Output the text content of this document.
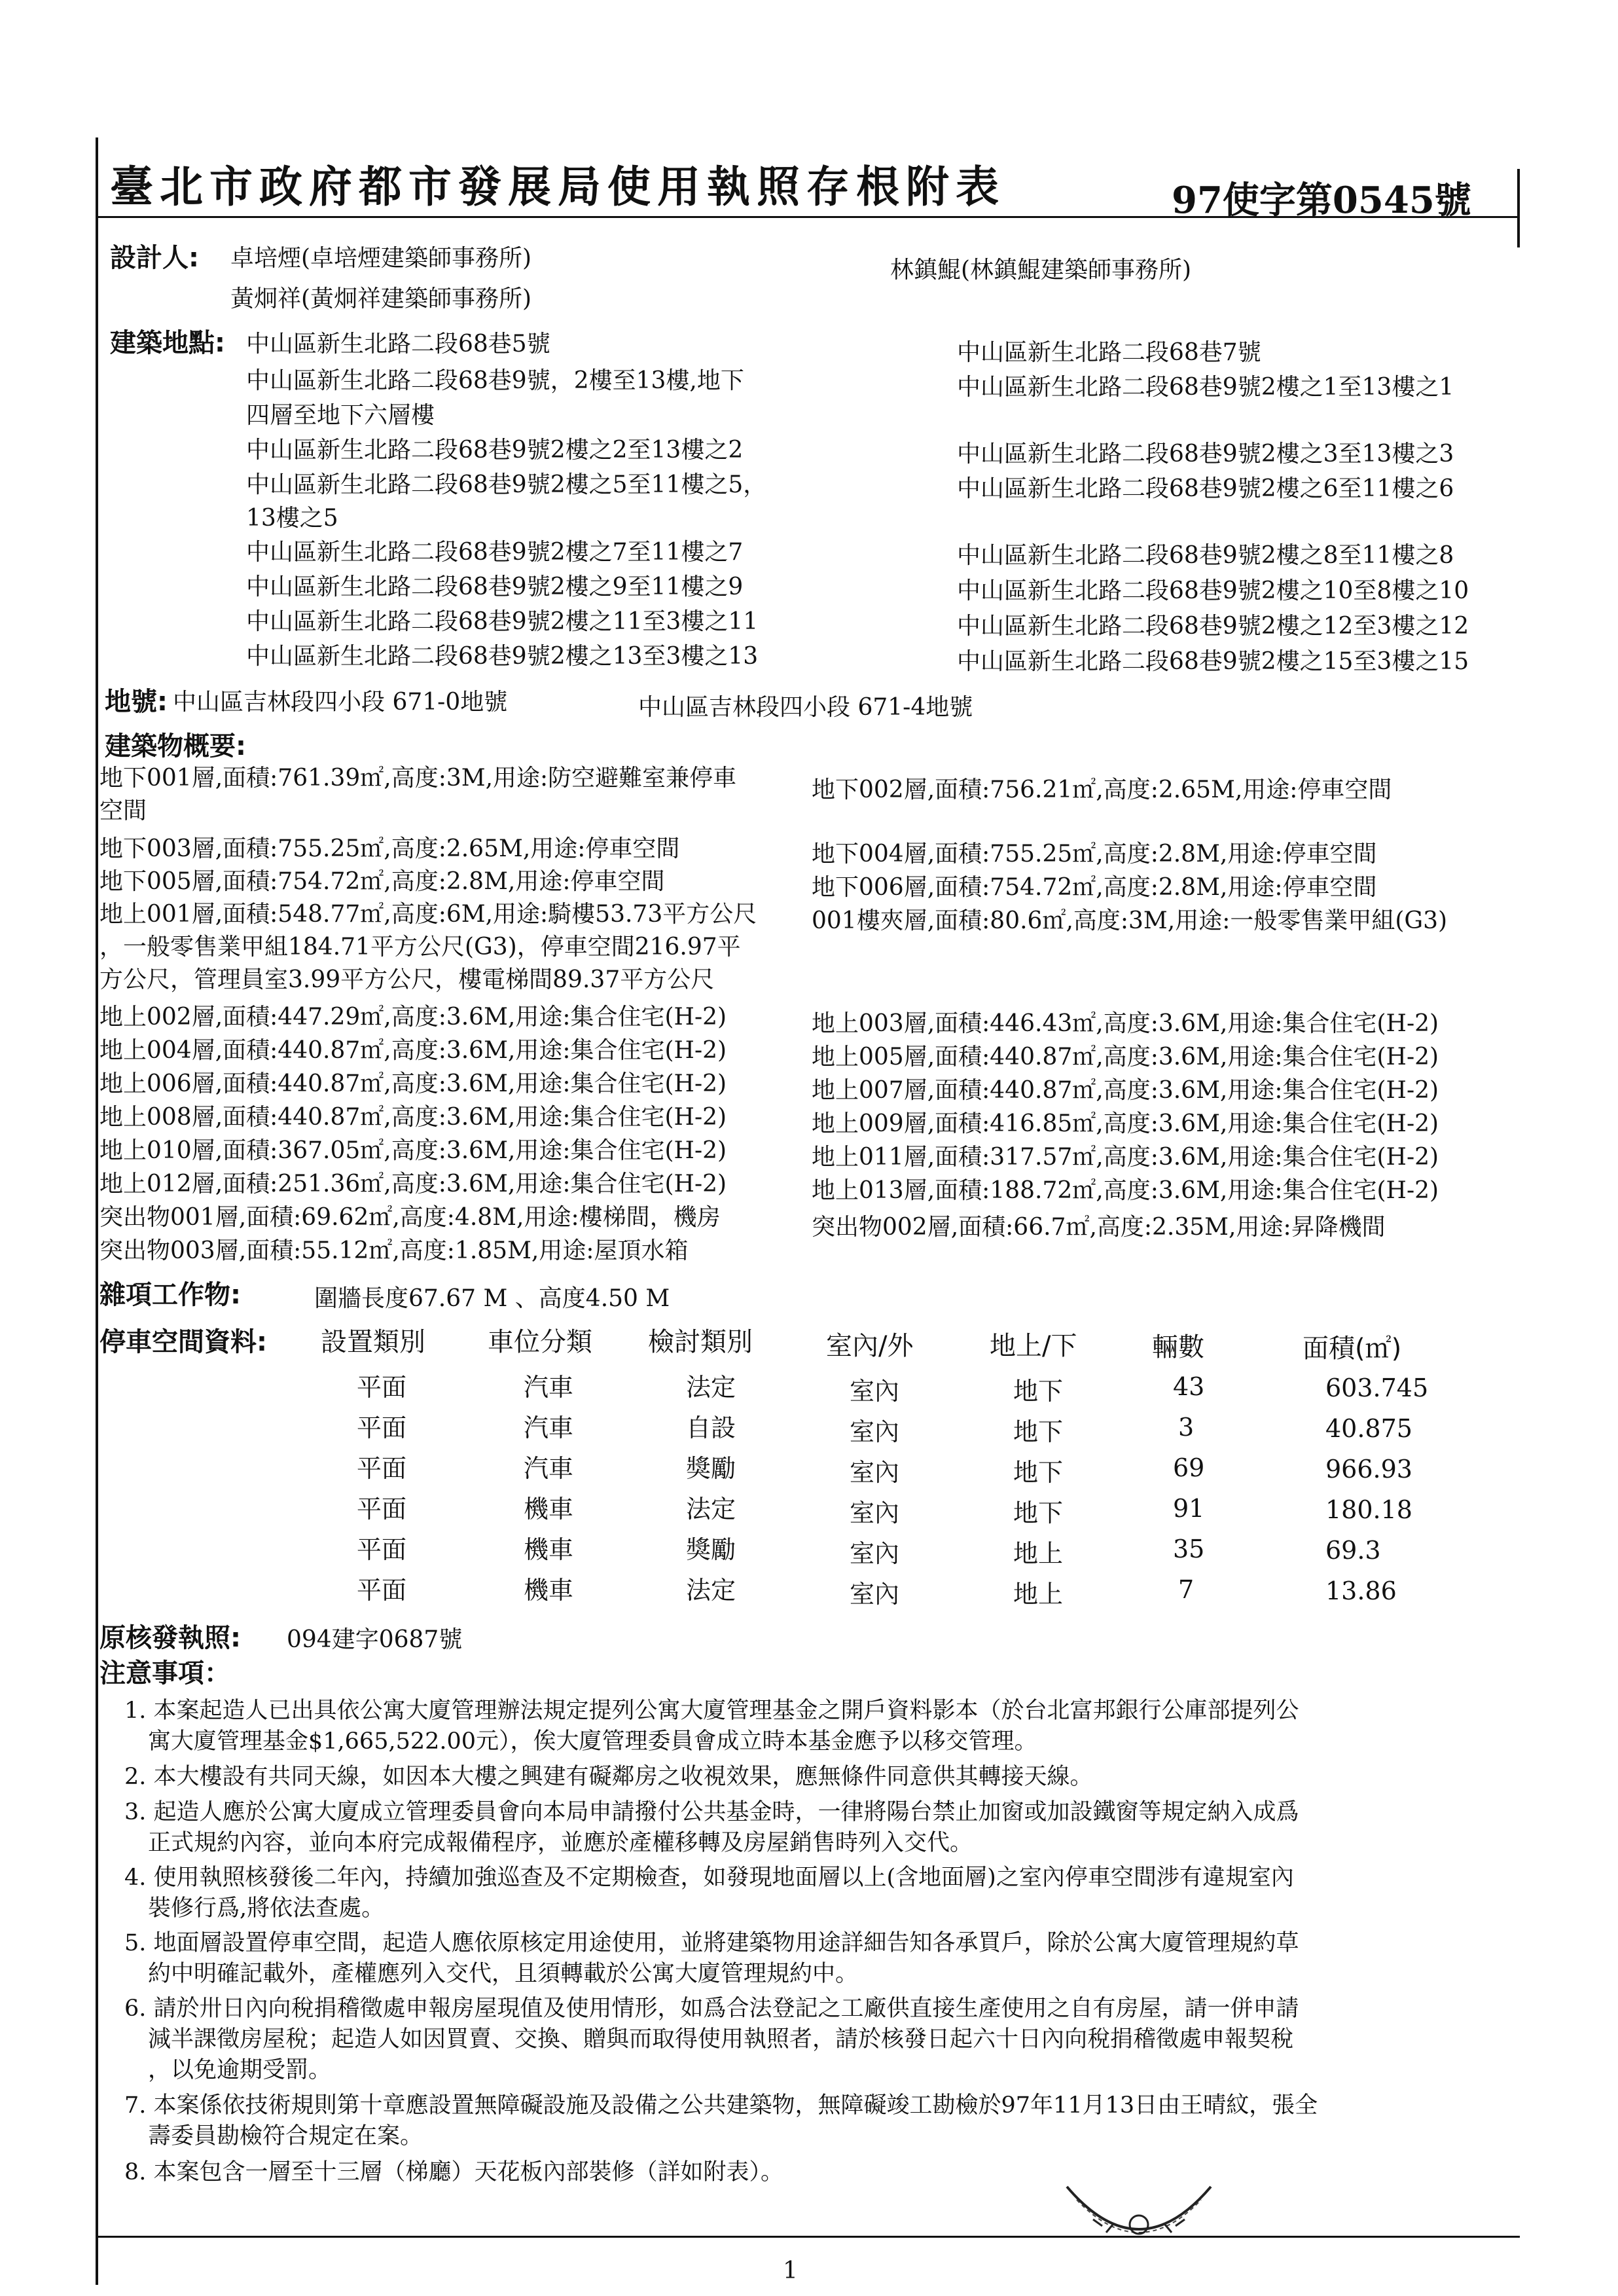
臺北市政府都市發展局使用執照存根附表	97使字第0545號
設計人: 卓培煙(卓培煙建築師事務所)
黃炯祥(黃炯祥建築師事務所)
林鎮鯤(林鎮鯤建築師事務所)
建築地點: 中山區新生北路二段68巷5號
中山區新生北路二段68巷9號，2樓至13樓,地下
四層至地下六層樓
中山區新生北路二段68巷9號2樓之2至13樓之2
中山區新生北路二段68巷9號2樓之5至11樓之5，
13樓之5
中山區新生北路二段68巷9號2樓之7至11樓之7
中山區新生北路二段68巷9號2樓之9至11樓之9
中山區新生北路二段68巷9號2樓之11至3樓之11
中山區新生北路二段68巷9號2樓之13至3樓之13
中山區新生北路二段68巷7號
中山區新生北路二段68巷9號2樓之1至13樓之1
中山區新生北路二段68巷9號2樓之3至13樓之3
中山區新生北路二段68巷9號2樓之6至11樓之6
中山區新生北路二段68巷9號2樓之8至11樓之8
中山區新生北路二段68巷9號2樓之10至8樓之10
中山區新生北路二段68巷9號2樓之12至3樓之12
中山區新生北路二段68巷9號2樓之15至3樓之15
地號: 中山區吉林段四小段 671-0地號	中山區吉林段四小段 671-4地號
建築物概要:
地下001層,面積:761.39㎡,高度:3M,用途:防空避難室兼停車
空間
地下003層,面積:755.25㎡,高度:2.65M,用途:停車空間
地下005層,面積:754.72㎡,高度:2.8M,用途:停車空間
地上001層,面積:548.77㎡,高度:6M,用途:騎樓53.73平方公尺
，一般零售業甲組184.71平方公尺(G3)，停車空間216.97平
方公尺，管理員室3.99平方公尺，樓電梯間89.37平方公尺
地上002層,面積:447.29㎡,高度:3.6M,用途:集合住宅(H-2)
地上004層,面積:440.87㎡,高度:3.6M,用途:集合住宅(H-2)
地上006層,面積:440.87㎡,高度:3.6M,用途:集合住宅(H-2)
地上008層,面積:440.87㎡,高度:3.6M,用途:集合住宅(H-2)
地上010層,面積:367.05㎡,高度:3.6M,用途:集合住宅(H-2)
地上012層,面積:251.36㎡,高度:3.6M,用途:集合住宅(H-2)
突出物001層,面積:69.62㎡,高度:4.8M,用途:樓梯間，機房
突出物003層,面積:55.12㎡,高度:1.85M,用途:屋頂水箱
地下002層,面積:756.21㎡,高度:2.65M,用途:停車空間
地下004層,面積:755.25㎡,高度:2.8M,用途:停車空間
地下006層,面積:754.72㎡,高度:2.8M,用途:停車空間
001樓夾層,面積:80.6㎡,高度:3M,用途:一般零售業甲組(G3)
地上003層,面積:446.43㎡,高度:3.6M,用途:集合住宅(H-2)
地上005層,面積:440.87㎡,高度:3.6M,用途:集合住宅(H-2)
地上007層,面積:440.87㎡,高度:3.6M,用途:集合住宅(H-2)
地上009層,面積:416.85㎡,高度:3.6M,用途:集合住宅(H-2)
地上011層,面積:317.57㎡,高度:3.6M,用途:集合住宅(H-2)
地上013層,面積:188.72㎡,高度:3.6M,用途:集合住宅(H-2)
突出物002層,面積:66.7㎡,高度:2.35M,用途:昇降機間
雜項工作物:	圍牆長度67.67 M 、高度4.50 M
停車空間資料: 設置類別 車位分類 檢討類別	室內/外	地上/下	輛數	面積(㎡)
平面	汽車	法定	室內	地下	43	603.745
平面	汽車	自設	室內	地下	3	40.875
平面	汽車	獎勵	室內	地下	69	966.93
平面	機車	法定	室內	地下	91	180.18
平面	機車	獎勵	室內	地上	35	69.3
平面	機車	法定	室內	地上	7	13.86
原核發執照: 094建字0687號
注意事項：
1. 本案起造人已出具依公寓大廈管理辦法規定提列公寓大廈管理基金之開戶資料影本（於台北富邦銀行公庫部提列公
寓大廈管理基金$1,665,522.00元），俟大廈管理委員會成立時本基金應予以移交管理。
2. 本大樓設有共同天線，如因本大樓之興建有礙鄰房之收視效果，應無條件同意供其轉接天線。
3. 起造人應於公寓大廈成立管理委員會向本局申請撥付公共基金時，一律將陽台禁止加窗或加設鐵窗等規定納入成爲
正式規約內容，並向本府完成報備程序，並應於產權移轉及房屋銷售時列入交代。
4. 使用執照核發後二年內，持續加強巡查及不定期檢查，如發現地面層以上(含地面層)之室內停車空間涉有違規室內
裝修行爲,將依法查處。
5. 地面層設置停車空間，起造人應依原核定用途使用，並將建築物用途詳細告知各承買戶，除於公寓大廈管理規約草
約中明確記載外，產權應列入交代，且須轉載於公寓大廈管理規約中。
6. 請於卅日內向稅捐稽徵處申報房屋現值及使用情形，如爲合法登記之工廠供直接生產使用之自有房屋，請一併申請
減半課徵房屋稅；起造人如因買賣、交換、贈與而取得使用執照者，請於核發日起六十日內向稅捐稽徵處申報契稅
，以免逾期受罰。
7. 本案係依技術規則第十章應設置無障礙設施及設備之公共建築物，無障礙竣工勘檢於97年11月13日由王晴紋，張全
壽委員勘檢符合規定在案。
8. 本案包含一層至十三層（梯廳）天花板內部裝修（詳如附表）。
1
